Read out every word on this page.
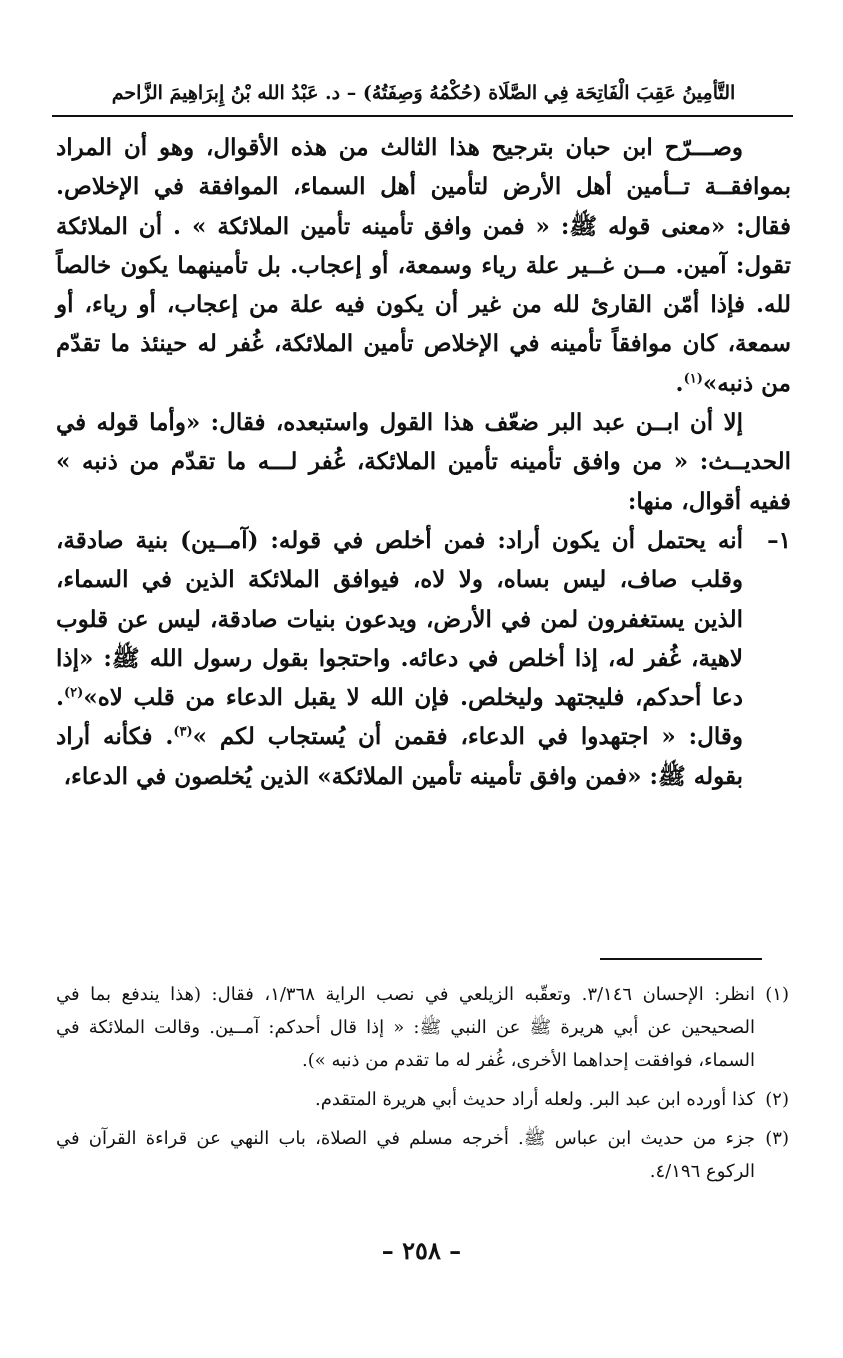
التَّأمِينُ عَقِبَ الْفَاتِحَة فِي الصَّلَاة (حُكْمُهُ وَصِفَتُهُ) – د. عَبْدُ الله بْنُ إِبرَاهِيمَ الزَّاحم

وصـــرّح ابن حبان بترجيح هذا الثالث من هذه الأقوال، وهو أن المراد بموافقــة تــأمين أهل الأرض لتأمين أهل السماء، الموافقة في الإخلاص. فقال: «معنى قوله ﷺ: « فمن وافق تأمينه تأمين الملائكة » . أن الملائكة تقول: آمين. مــن غــير علة رياء وسمعة، أو إعجاب. بل تأمينهما يكون خالصاً لله. فإذا أمّن القارئ لله من غير أن يكون فيه علة من إعجاب، أو رياء، أو سمعة، كان موافقاً تأمينه في الإخلاص تأمين الملائكة، غُفر له حينئذ ما تقدّم من ذنبه»$^{(١)}$.

إلا أن ابــن عبد البر ضعّف هذا القول واستبعده، فقال: «وأما قوله في الحديــث: « من وافق تأمينه تأمين الملائكة، غُفر لـــه ما تقدّم من ذنبه » ففيه أقوال، منها:

١–
أنه يحتمل أن يكون أراد: فمن أخلص في قوله: (آمــين) بنية صادقة، وقلب صاف، ليس بساه، ولا لاه، فيوافق الملائكة الذين في السماء، الذين يستغفرون لمن في الأرض، ويدعون بنيات صادقة، ليس عن قلوب لاهية، غُفر له، إذا أخلص في دعائه. واحتجوا بقول رسول الله ﷺ: «إذا دعا أحدكم، فليجتهد وليخلص. فإن الله لا يقبل الدعاء من قلب لاه»$^{(٢)}$. وقال: « اجتهدوا في الدعاء، فقمن أن يُستجاب لكم »$^{(٣)}$. فكأنه أراد بقوله ﷺ: «فمن وافق تأمينه تأمين الملائكة» الذين يُخلصون في الدعاء،

(١)
انظر: الإحسان ٣/١٤٦. وتعقّبه الزيلعي في نصب الراية ١/٣٦٨، فقال: (هذا يندفع بما في الصحيحين عن أبي هريرة ﷺ عن النبي ﷺ: « إذا قال أحدكم: آمــين. وقالت الملائكة في السماء، فوافقت إحداهما الأخرى، غُفر له ما تقدم من ذنبه »).

(٢)
كذا أورده ابن عبد البر. ولعله أراد حديث أبي هريرة المتقدم.

(٣)
جزء من حديث ابن عباس ﷺ. أخرجه مسلم في الصلاة، باب النهي عن قراءة القرآن في الركوع ٤/١٩٦.

– ٢٥٨ –
